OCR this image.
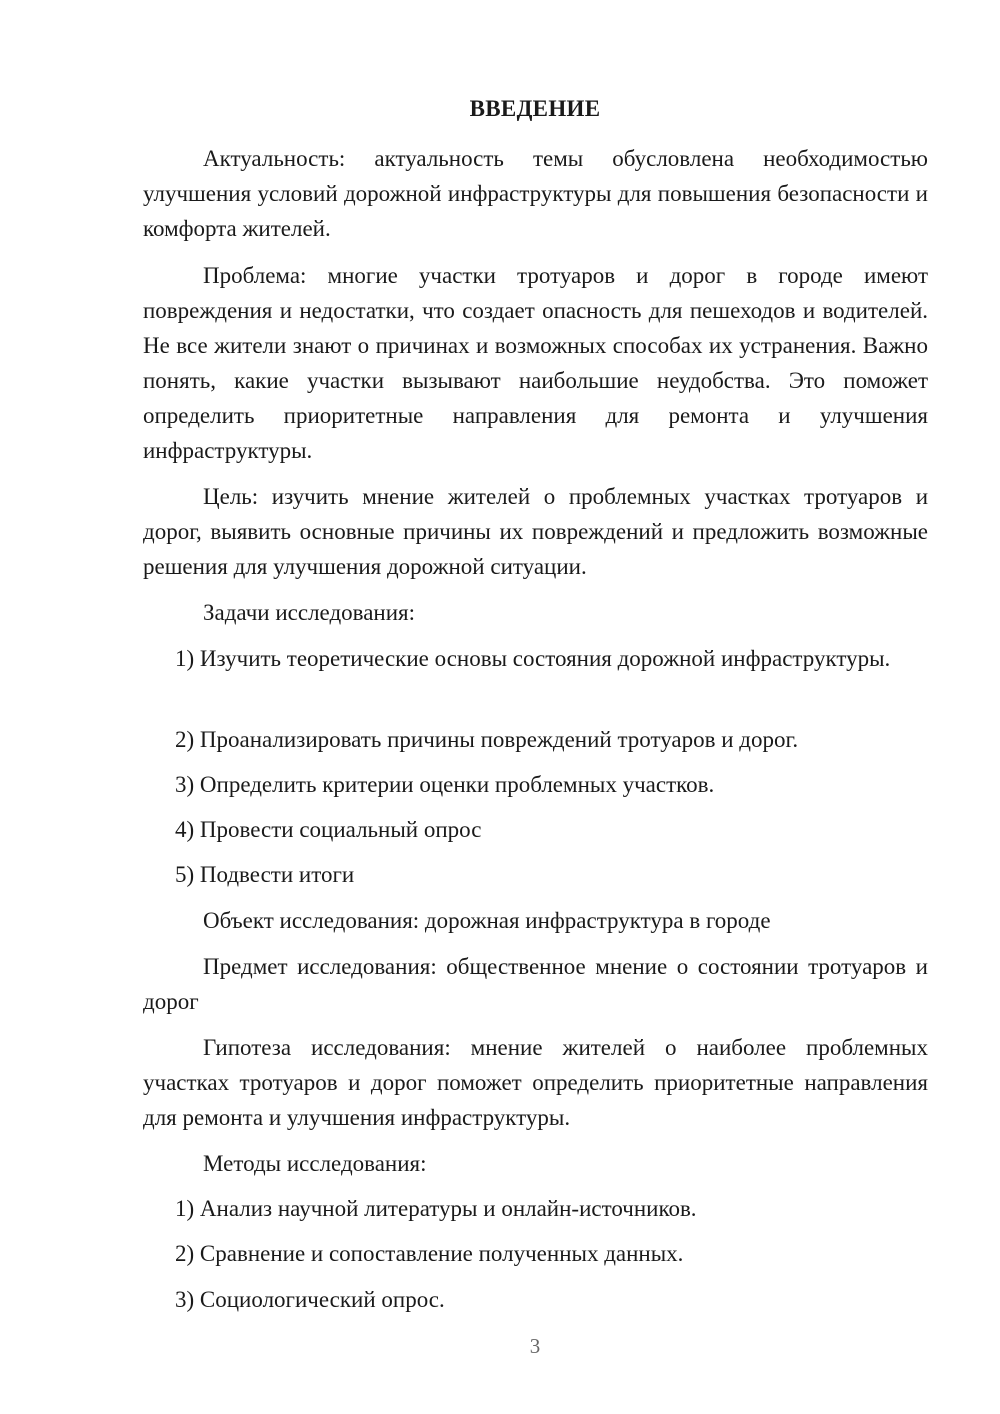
ВВЕДЕНИЕ

Актуальность: актуальность темы обусловлена необходимостью улучшения условий дорожной инфраструктуры для повышения безопасности и комфорта жителей.

Проблема: многие участки тротуаров и дорог в городе имеют повреждения и недостатки, что создает опасность для пешеходов и водителей. Не все жители знают о причинах и возможных способах их устранения. Важно понять, какие участки вызывают наибольшие неудобства. Это поможет определить приоритетные направления для ремонта и улучшения инфраструктуры.

Цель: изучить мнение жителей о проблемных участках тротуаров и дорог, выявить основные причины их повреждений и предложить возможные решения для улучшения дорожной ситуации.

Задачи исследования:

1) Изучить теоретические основы состояния дорожной инфраструктуры.

2) Проанализировать причины повреждений тротуаров и дорог.

3) Определить критерии оценки проблемных участков.

4) Провести социальный опрос

5) Подвести итоги

Объект исследования: дорожная инфраструктура в городе

Предмет исследования: общественное мнение о состоянии тротуаров и дорог

Гипотеза исследования: мнение жителей о наиболее проблемных участках тротуаров и дорог поможет определить приоритетные направления для ремонта и улучшения инфраструктуры.

Методы исследования:

1) Анализ научной литературы и онлайн-источников.

2) Сравнение и сопоставление полученных данных.

3) Социологический опрос.

3
